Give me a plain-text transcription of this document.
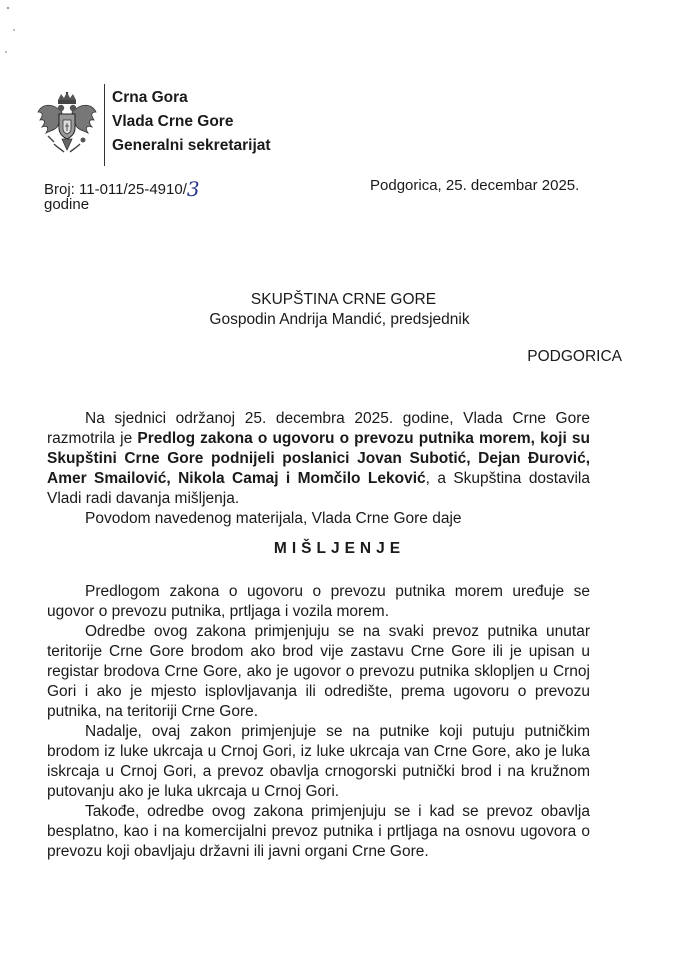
Crna Gora
Vlada Crne Gore
Generalni sekretarijat
Broj: 11-011/25-4910/3
godine
Podgorica, 25. decembar 2025.
SKUPŠTINA CRNE GORE
Gospodin Andrija Mandić, predsjednik
PODGORICA

Na sjednici održanoj 25. decembra 2025. godine, Vlada Crne Gore razmotrila je Predlog zakona o ugovoru o prevozu putnika morem, koji su Skupštini Crne Gore podnijeli poslanici Jovan Subotić, Dejan Đurović, Amer Smailović, Nikola Camaj i Momčilo Leković, a Skupština dostavila Vladi radi davanja mišljenja.

Povodom navedenog materijala, Vlada Crne Gore daje

MIŠLJENJE

Predlogom zakona o ugovoru o prevozu putnika morem uređuje se ugovor o prevozu putnika, prtljaga i vozila morem.

Odredbe ovog zakona primjenjuju se na svaki prevoz putnika unutar teritorije Crne Gore brodom ako brod vije zastavu Crne Gore ili je upisan u registar brodova Crne Gore, ako je ugovor o prevozu putnika sklopljen u Crnoj Gori i ako je mjesto isplovljavanja ili odredište, prema ugovoru o prevozu putnika, na teritoriji Crne Gore.

Nadalje, ovaj zakon primjenjuje se na putnike koji putuju putničkim brodom iz luke ukrcaja u Crnoj Gori, iz luke ukrcaja van Crne Gore, ako je luka iskrcaja u Crnoj Gori, a prevoz obavlja crnogorski putnički brod i na kružnom putovanju ako je luka ukrcaja u Crnoj Gori.

Takođe, odredbe ovog zakona primjenjuju se i kad se prevoz obavlja besplatno, kao i na komercijalni prevoz putnika i prtljaga na osnovu ugovora o prevozu koji obavljaju državni ili javni organi Crne Gore.
